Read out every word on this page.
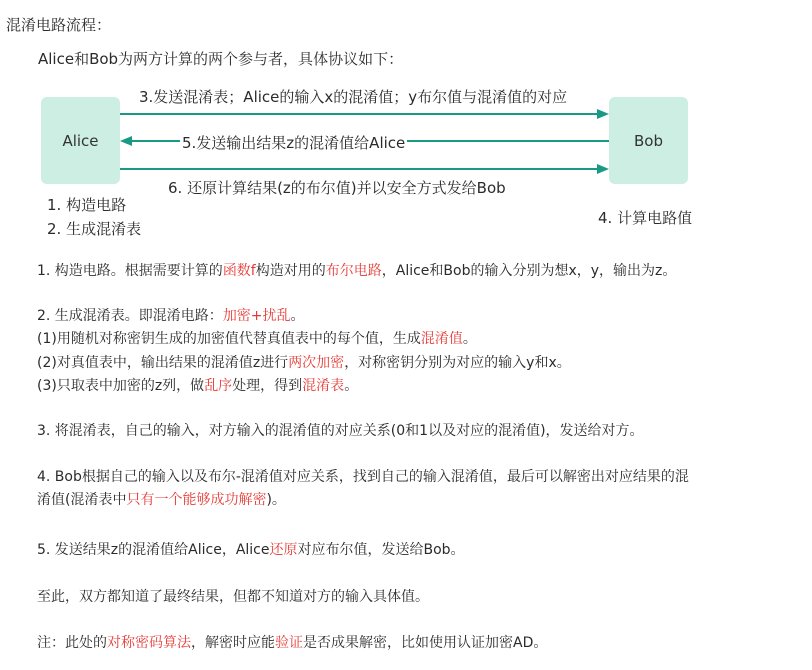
混淆电路流程：
Alice和Bob为两方计算的两个参与者，具体协议如下：
Alice	Bob
3.发送混淆表；Alice的输入x的混淆值；y布尔值与混淆值的对应
5.发送输出结果z的混淆值给Alice
6. 还原计算结果(z的布尔值)并以安全方式发给Bob
1. 构造电路
2. 生成混淆表
4. 计算电路值
1. 构造电路。根据需要计算的函数f构造对用的布尔电路，Alice和Bob的输入分别为想x，y，输出为z。
2. 生成混淆表。即混淆电路：加密+扰乱。
(1)用随机对称密钥生成的加密值代替真值表中的每个值，生成混淆值。
(2)对真值表中，输出结果的混淆值z进行两次加密，对称密钥分别为对应的输入y和x。
(3)只取表中加密的z列，做乱序处理，得到混淆表。
3. 将混淆表，自己的输入，对方输入的混淆值的对应关系(0和1以及对应的混淆值)，发送给对方。
4. Bob根据自己的输入以及布尔-混淆值对应关系，找到自己的输入混淆值，最后可以解密出对应结果的混
淆值(混淆表中只有一个能够成功解密)。
5. 发送结果z的混淆值给Alice，Alice还原对应布尔值，发送给Bob。
至此，双方都知道了最终结果，但都不知道对方的输入具体值。
注：此处的对称密码算法，解密时应能验证是否成果解密，比如使用认证加密AD。
